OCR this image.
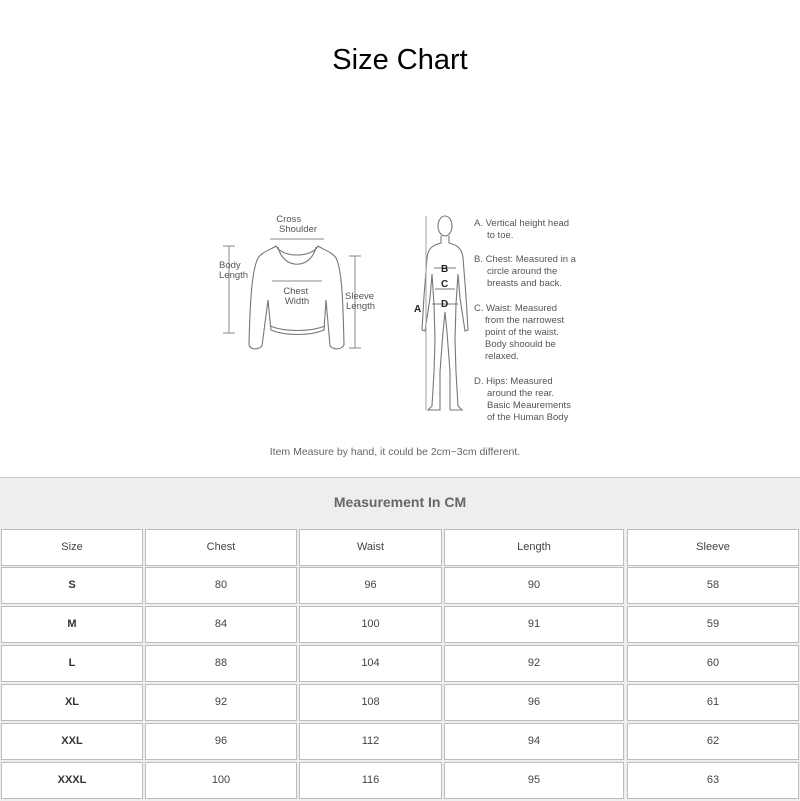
Size Chart
Cross Shoulder
Body Length
Chest Width	Sleeve Length	A
B
C
D
A. Vertical height head to toe.
B. Chest: Measured in a circle around the breasts and back.
C. Waist: Measured from the narrowest point of the waist. Body shoould be relaxed.
D. Hips: Measured around the rear. Basic Meaurements of the Human Body
Item Measure by hand, it could be 2cm~3cm different.
Measurement In CM
Size	Chest	Waist	Length	Sleeve
S	80	96	90	58
M	84	100	91	59
L	88	104	92	60
XL	92	108	96	61
XXL	96	112	94	62
XXXL	100	116	95	63
